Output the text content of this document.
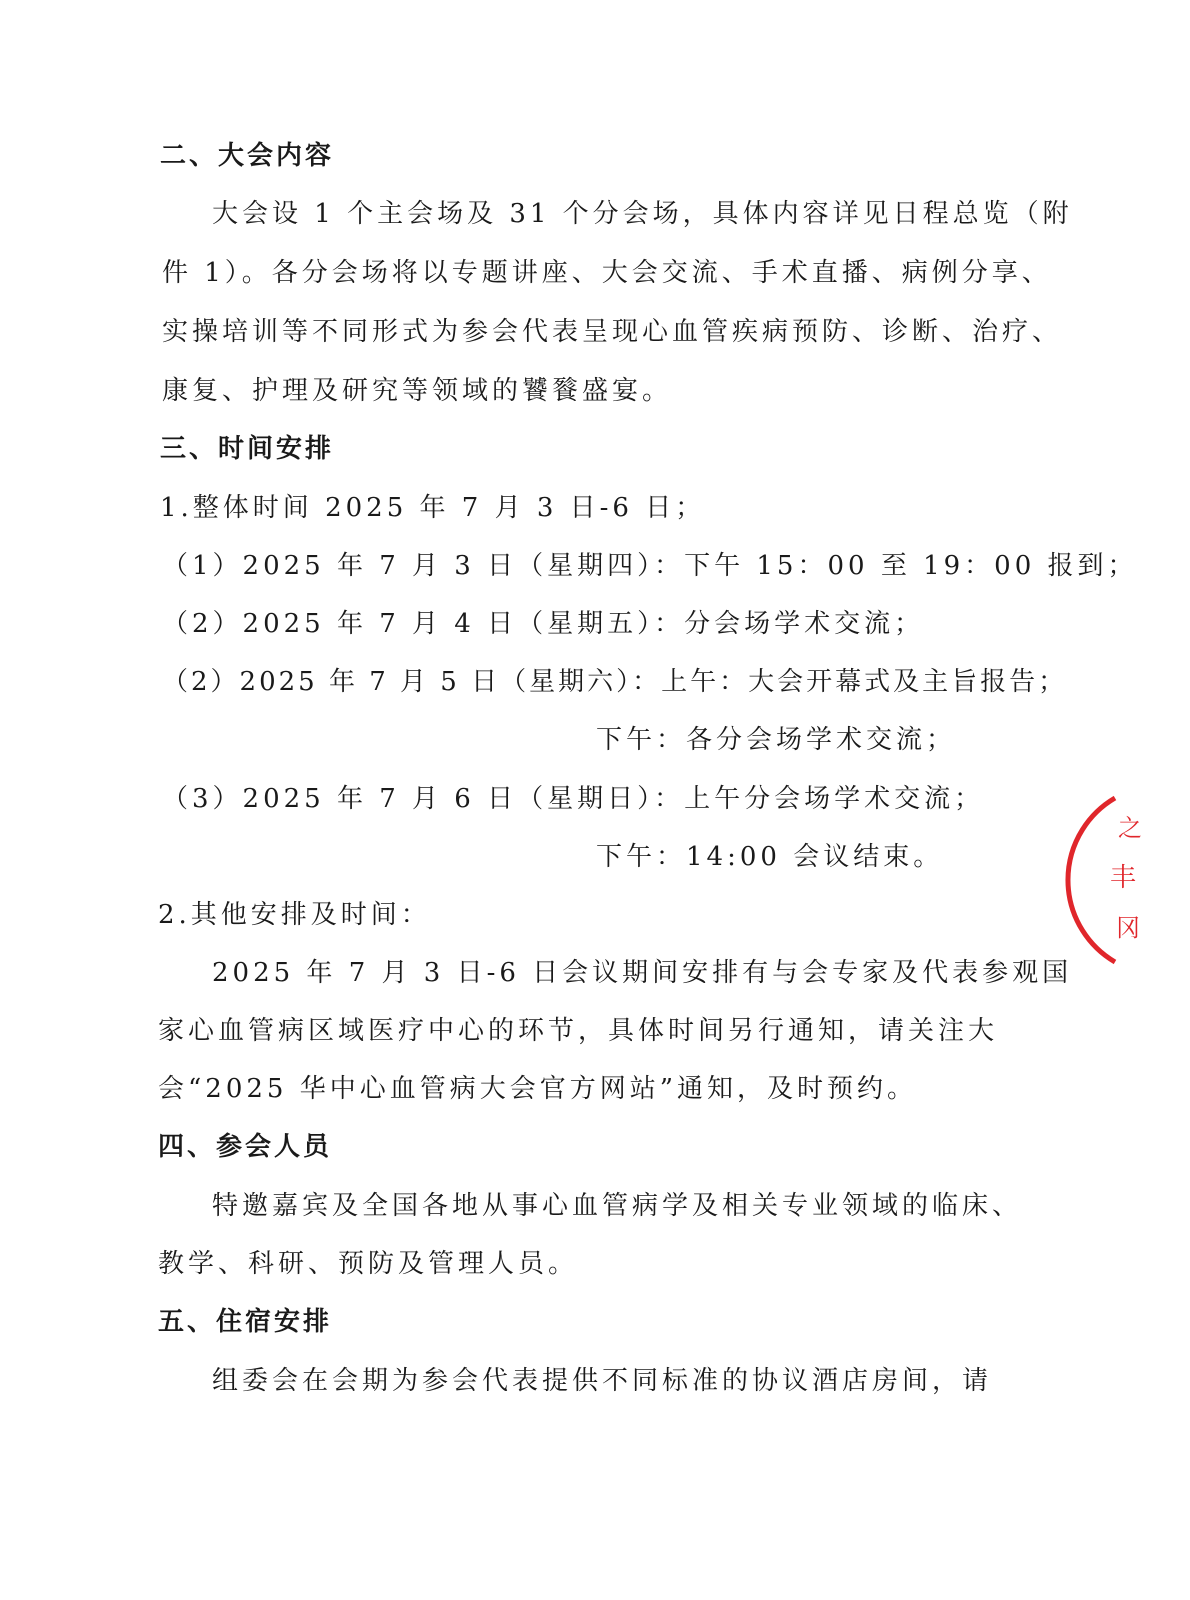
二、大会内容
大会设 1 个主会场及 31 个分会场，具体内容详见日程总览（附
件 1）。各分会场将以专题讲座、大会交流、手术直播、病例分享、
实操培训等不同形式为参会代表呈现心血管疾病预防、诊断、治疗、
康复、护理及研究等领域的饕餮盛宴。
三、时间安排
1.整体时间 2025 年 7 月 3 日-6 日；
（1）2025 年 7 月 3 日（星期四）：下午 15：00 至 19：00 报到；
（2）2025 年 7 月 4 日（星期五）：分会场学术交流；
（2）2025 年 7 月 5 日（星期六）：上午：大会开幕式及主旨报告；
下午：各分会场学术交流；
（3）2025 年 7 月 6 日（星期日）：上午分会场学术交流；
下午：14:00 会议结束。
2.其他安排及时间：
2025 年 7 月 3 日-6 日会议期间安排有与会专家及代表参观国
家心血管病区域医疗中心的环节，具体时间另行通知，请关注大
会“2025 华中心血管病大会官方网站”通知，及时预约。
四、参会人员
特邀嘉宾及全国各地从事心血管病学及相关专业领域的临床、
教学、科研、预防及管理人员。
五、住宿安排
组委会在会期为参会代表提供不同标准的协议酒店房间，请
之
丰
冈
